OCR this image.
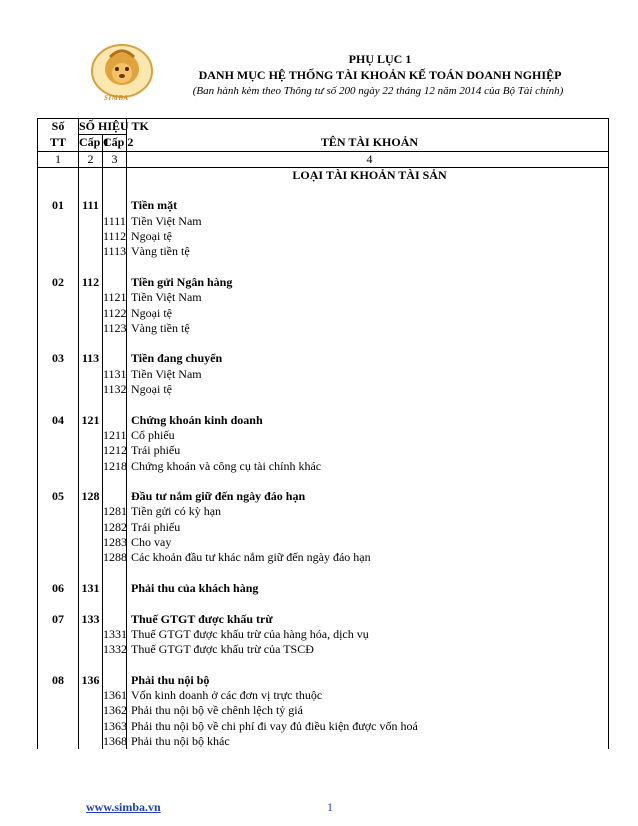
SIMBA
PHỤ LỤC 1
DANH MỤC HỆ THỐNG TÀI KHOẢN KẾ TOÁN DOANH NGHIỆP
(Ban hành kèm theo Thông tư số 200 ngày 22 tháng 12 năm 2014 của Bộ Tài chính)
Số	SỐ HIỆU TK		
TT	Cấp 1	Cấp 2	TÊN TÀI KHOẢN
1	2	3	4
			LOẠI TÀI KHOẢN TÀI SẢN

01	111		Tiền mặt
		1111	Tiền Việt Nam
		1112	Ngoại tệ
		1113	Vàng tiền tệ

02	112		Tiền gửi Ngân hàng
		1121	Tiền Việt Nam
		1122	Ngoại tệ
		1123	Vàng tiền tệ

03	113		Tiền đang chuyển
		1131	Tiền Việt Nam
		1132	Ngoại tệ

04	121		Chứng khoán kinh doanh
		1211	Cổ phiếu
		1212	Trái phiếu
		1218	Chứng khoán và công cụ tài chính khác

05	128		Đầu tư nắm giữ đến ngày đáo hạn
		1281	Tiền gửi có kỳ hạn
		1282	Trái phiếu
		1283	Cho vay
		1288	Các khoản đầu tư khác nắm giữ đến ngày đáo hạn

06	131		Phải thu của khách hàng

07	133		Thuế GTGT được khấu trừ
		1331	Thuế GTGT được khấu trừ của hàng hóa, dịch vụ
		1332	Thuế GTGT được khấu trừ của TSCĐ

08	136		Phải thu nội bộ
		1361	Vốn kinh doanh ở các đơn vị trực thuộc
		1362	Phải thu nội bộ về chênh lệch tỷ giá
		1363	Phải thu nội bộ về chi phí đi vay đủ điều kiện được vốn hoá
		1368	Phải thu nội bộ khác
www.simba.vn	1
